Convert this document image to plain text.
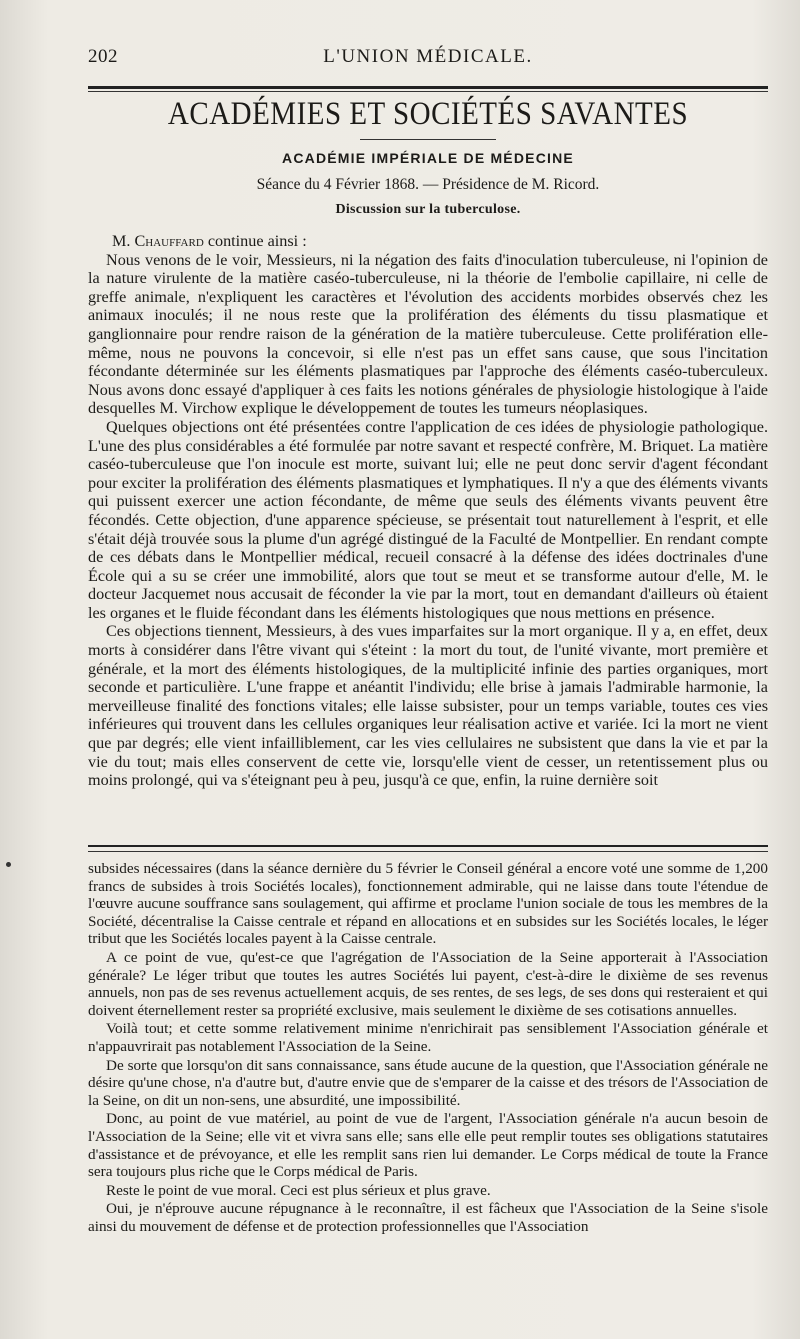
202	L'UNION MÉDICALE.
ACADÉMIES ET SOCIÉTÉS SAVANTES
ACADÉMIE IMPÉRIALE DE MÉDECINE
Séance du 4 Février 1868. — Présidence de M. Ricord.
Discussion sur la tuberculose.

M. Chauffard continue ainsi :

Nous venons de le voir, Messieurs, ni la négation des faits d'inoculation tuberculeuse, ni l'opinion de la nature virulente de la matière caséo-tuberculeuse, ni la théorie de l'embolie capillaire, ni celle de greffe animale, n'expliquent les caractères et l'évolution des accidents morbides observés chez les animaux inoculés; il ne nous reste que la prolifération des éléments du tissu plasmatique et ganglionnaire pour rendre raison de la génération de la matière tuberculeuse. Cette prolifération elle-même, nous ne pouvons la concevoir, si elle n'est pas un effet sans cause, que sous l'incitation fécondante déterminée sur les éléments plasmatiques par l'approche des éléments caséo-tuberculeux. Nous avons donc essayé d'appliquer à ces faits les notions générales de physiologie histologique à l'aide desquelles M. Virchow explique le développement de toutes les tumeurs néoplasiques.

Quelques objections ont été présentées contre l'application de ces idées de physiologie pathologique. L'une des plus considérables a été formulée par notre savant et respecté confrère, M. Briquet. La matière caséo-tuberculeuse que l'on inocule est morte, suivant lui; elle ne peut donc servir d'agent fécondant pour exciter la prolifération des éléments plasmatiques et lymphatiques. Il n'y a que des éléments vivants qui puissent exercer une action fécondante, de même que seuls des éléments vivants peuvent être fécondés. Cette objection, d'une apparence spécieuse, se présentait tout naturellement à l'esprit, et elle s'était déjà trouvée sous la plume d'un agrégé distingué de la Faculté de Montpellier. En rendant compte de ces débats dans le Montpellier médical, recueil consacré à la défense des idées doctrinales d'une École qui a su se créer une immobilité, alors que tout se meut et se transforme autour d'elle, M. le docteur Jacquemet nous accusait de féconder la vie par la mort, tout en demandant d'ailleurs où étaient les organes et le fluide fécondant dans les éléments histologiques que nous mettions en présence.

Ces objections tiennent, Messieurs, à des vues imparfaites sur la mort organique. Il y a, en effet, deux morts à considérer dans l'être vivant qui s'éteint : la mort du tout, de l'unité vivante, mort première et générale, et la mort des éléments histologiques, de la multiplicité infinie des parties organiques, mort seconde et particulière. L'une frappe et anéantit l'individu; elle brise à jamais l'admirable harmonie, la merveilleuse finalité des fonctions vitales; elle laisse subsister, pour un temps variable, toutes ces vies inférieures qui trouvent dans les cellules organiques leur réalisation active et variée. Ici la mort ne vient que par degrés; elle vient infailliblement, car les vies cellulaires ne subsistent que dans la vie et par la vie du tout; mais elles conservent de cette vie, lorsqu'elle vient de cesser, un retentissement plus ou moins prolongé, qui va s'éteignant peu à peu, jusqu'à ce que, enfin, la ruine dernière soit

subsides nécessaires (dans la séance dernière du 5 février le Conseil général a encore voté une somme de 1,200 francs de subsides à trois Sociétés locales), fonctionnement admirable, qui ne laisse dans toute l'étendue de l'œuvre aucune souffrance sans soulagement, qui affirme et proclame l'union sociale de tous les membres de la Société, décentralise la Caisse centrale et répand en allocations et en subsides sur les Sociétés locales, le léger tribut que les Sociétés locales payent à la Caisse centrale.

A ce point de vue, qu'est-ce que l'agrégation de l'Association de la Seine apporterait à l'Association générale? Le léger tribut que toutes les autres Sociétés lui payent, c'est-à-dire le dixième de ses revenus annuels, non pas de ses revenus actuellement acquis, de ses rentes, de ses legs, de ses dons qui resteraient et qui doivent éternellement rester sa propriété exclusive, mais seulement le dixième de ses cotisations annuelles.

Voilà tout; et cette somme relativement minime n'enrichirait pas sensiblement l'Association générale et n'appauvrirait pas notablement l'Association de la Seine.

De sorte que lorsqu'on dit sans connaissance, sans étude aucune de la question, que l'Association générale ne désire qu'une chose, n'a d'autre but, d'autre envie que de s'emparer de la caisse et des trésors de l'Association de la Seine, on dit un non-sens, une absurdité, une impossibilité.

Donc, au point de vue matériel, au point de vue de l'argent, l'Association générale n'a aucun besoin de l'Association de la Seine; elle vit et vivra sans elle; sans elle elle peut remplir toutes ses obligations statutaires d'assistance et de prévoyance, et elle les remplit sans rien lui demander. Le Corps médical de toute la France sera toujours plus riche que le Corps médical de Paris.

Reste le point de vue moral. Ceci est plus sérieux et plus grave.

Oui, je n'éprouve aucune répugnance à le reconnaître, il est fâcheux que l'Association de la Seine s'isole ainsi du mouvement de défense et de protection professionnelles que l'Association
